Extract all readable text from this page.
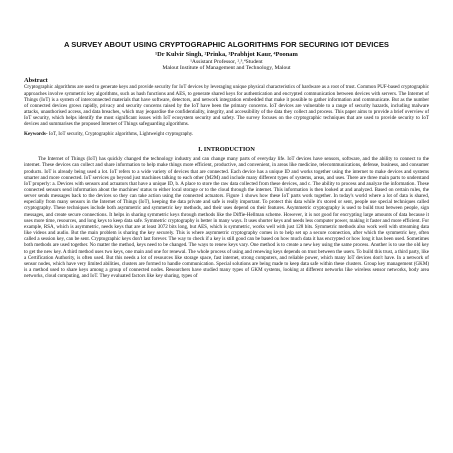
A SURVEY ABOUT USING CRYPTOGRAPHIC ALGORITHMS FOR SECURING IOT DEVICES
¹Dr Kulvir Singh, ²Prinka, ³Prabhjot Kaur, ⁴Poonam
¹Assistant Professor, ²,³,⁴Student
Malout Institute of Management and Technology, Malout
Abstract

Cryptographic algorithms are used to generate keys and provide security for IoT devices by leveraging unique physical characteristics of hardware as a root of trust. Common PUF-based cryptographic approaches involve symmetric key algorithms, such as hash functions and AES, to generate shared keys for authentication and encrypted communication between devices with servers. The Internet of Things (IoT) is a system of interconnected materials that have software, detectors, and network integration embedded that make it possible to gather information and communicate. But as the number of connected devices grows rapidly, privacy and security concerns raised by the IoT have been the primary concerns. IoT devices are vulnerable to a range of security hazards, including malware attacks, unauthorised access, and data breaches, which may jeopardise the confidentiality, integrity, and accessibility of the data they collect and process. This paper aims to provide a brief overview of IoT security, which helps identify the most significant issues with IoT ecosystem security and safety. The survey focuses on the cryptographic techniques that are used to provide security to IoT devices and summarises the proposed Internet of Things safeguarding algorithms.

Keywords- IoT, IoT security, Cryptographic algorithms, Lightweight cryptography.
I. INTRODUCTION

The Internet of Things (IoT) has quickly changed the technology industry and can change many parts of everyday life. IoT devices have sensors, software, and the ability to connect to the internet. These devices can collect and share information to help make things more efficient, productive, and convenient, in areas like medicine, telecommunications, defense, business, and consumer products. IoT is already being used a lot. IoT refers to a wide variety of devices that are connected. Each device has a unique ID and works together using the internet to make devices and systems smarter and more connected. IoT services go beyond just machines talking to each other (M2M) and include many different types of systems, areas, and uses. There are three main parts to understand IoT properly: a. Devices with sensors and actuators that have a unique ID, b. A place to store the raw data collected from these devices, and c. The ability to process and analyze the information. These connected sensors send information about the machines' status to either local storage or to the cloud through the internet. This information is then looked at and analyzed. Based on certain rules, the server sends messages back to the devices so they can take action using the connected actuators. Figure 1 shows how these IoT parts work together. In today's world where a lot of data is shared, especially from many sensors in the Internet of Things (IoT), keeping the data private and safe is really important. To protect this data while it's stored or sent, people use special techniques called cryptography. These techniques include both asymmetric and symmetric key methods, and their uses depend on their features. Asymmetric cryptography is used to build trust between people, sign messages, and create secure connections. It helps in sharing symmetric keys through methods like the Diffie-Hellman scheme. However, it is not good for encrypting large amounts of data because it uses more time, resources, and long keys to keep data safe. Symmetric cryptography is better in many ways. It uses shorter keys and needs less computer power, making it faster and more efficient. For example, RSA, which is asymmetric, needs keys that are at least 3072 bits long, but AES, which is symmetric, works well with just 128 bits. Symmetric methods also work well with streaming data like videos and audio. But the main problem is sharing the key securely. This is where asymmetric cryptography comes in to help set up a secure connection, after which the symmetric key, often called a session key, can be sent. Cryptographic keys don't last forever. The way to check if a key is still good can be based on how much data it has encrypted or how long it has been used. Sometimes both methods are used together. No matter the method, keys need to be changed. The ways to renew keys vary. One method is to create a new key using the same process. Another is to use the old key to get the new key. A third method uses two keys, one main and one for renewal. The whole process of using and renewing keys depends on trust between the users. To build this trust, a third party, like a Certification Authority, is often used. But this needs a lot of resources like storage space, fast internet, strong computers, and reliable power, which many IoT devices don't have. In a network of sensor nodes, which have very limited abilities, clusters are formed to handle communication. Special solutions are being made to keep data safe within these clusters. Group key management (GKM) is a method used to share keys among a group of connected nodes. Researchers have studied many types of GKM systems, looking at different networks like wireless sensor networks, body area networks, cloud computing, and IoT. They evaluated factors like key sharing, types of
